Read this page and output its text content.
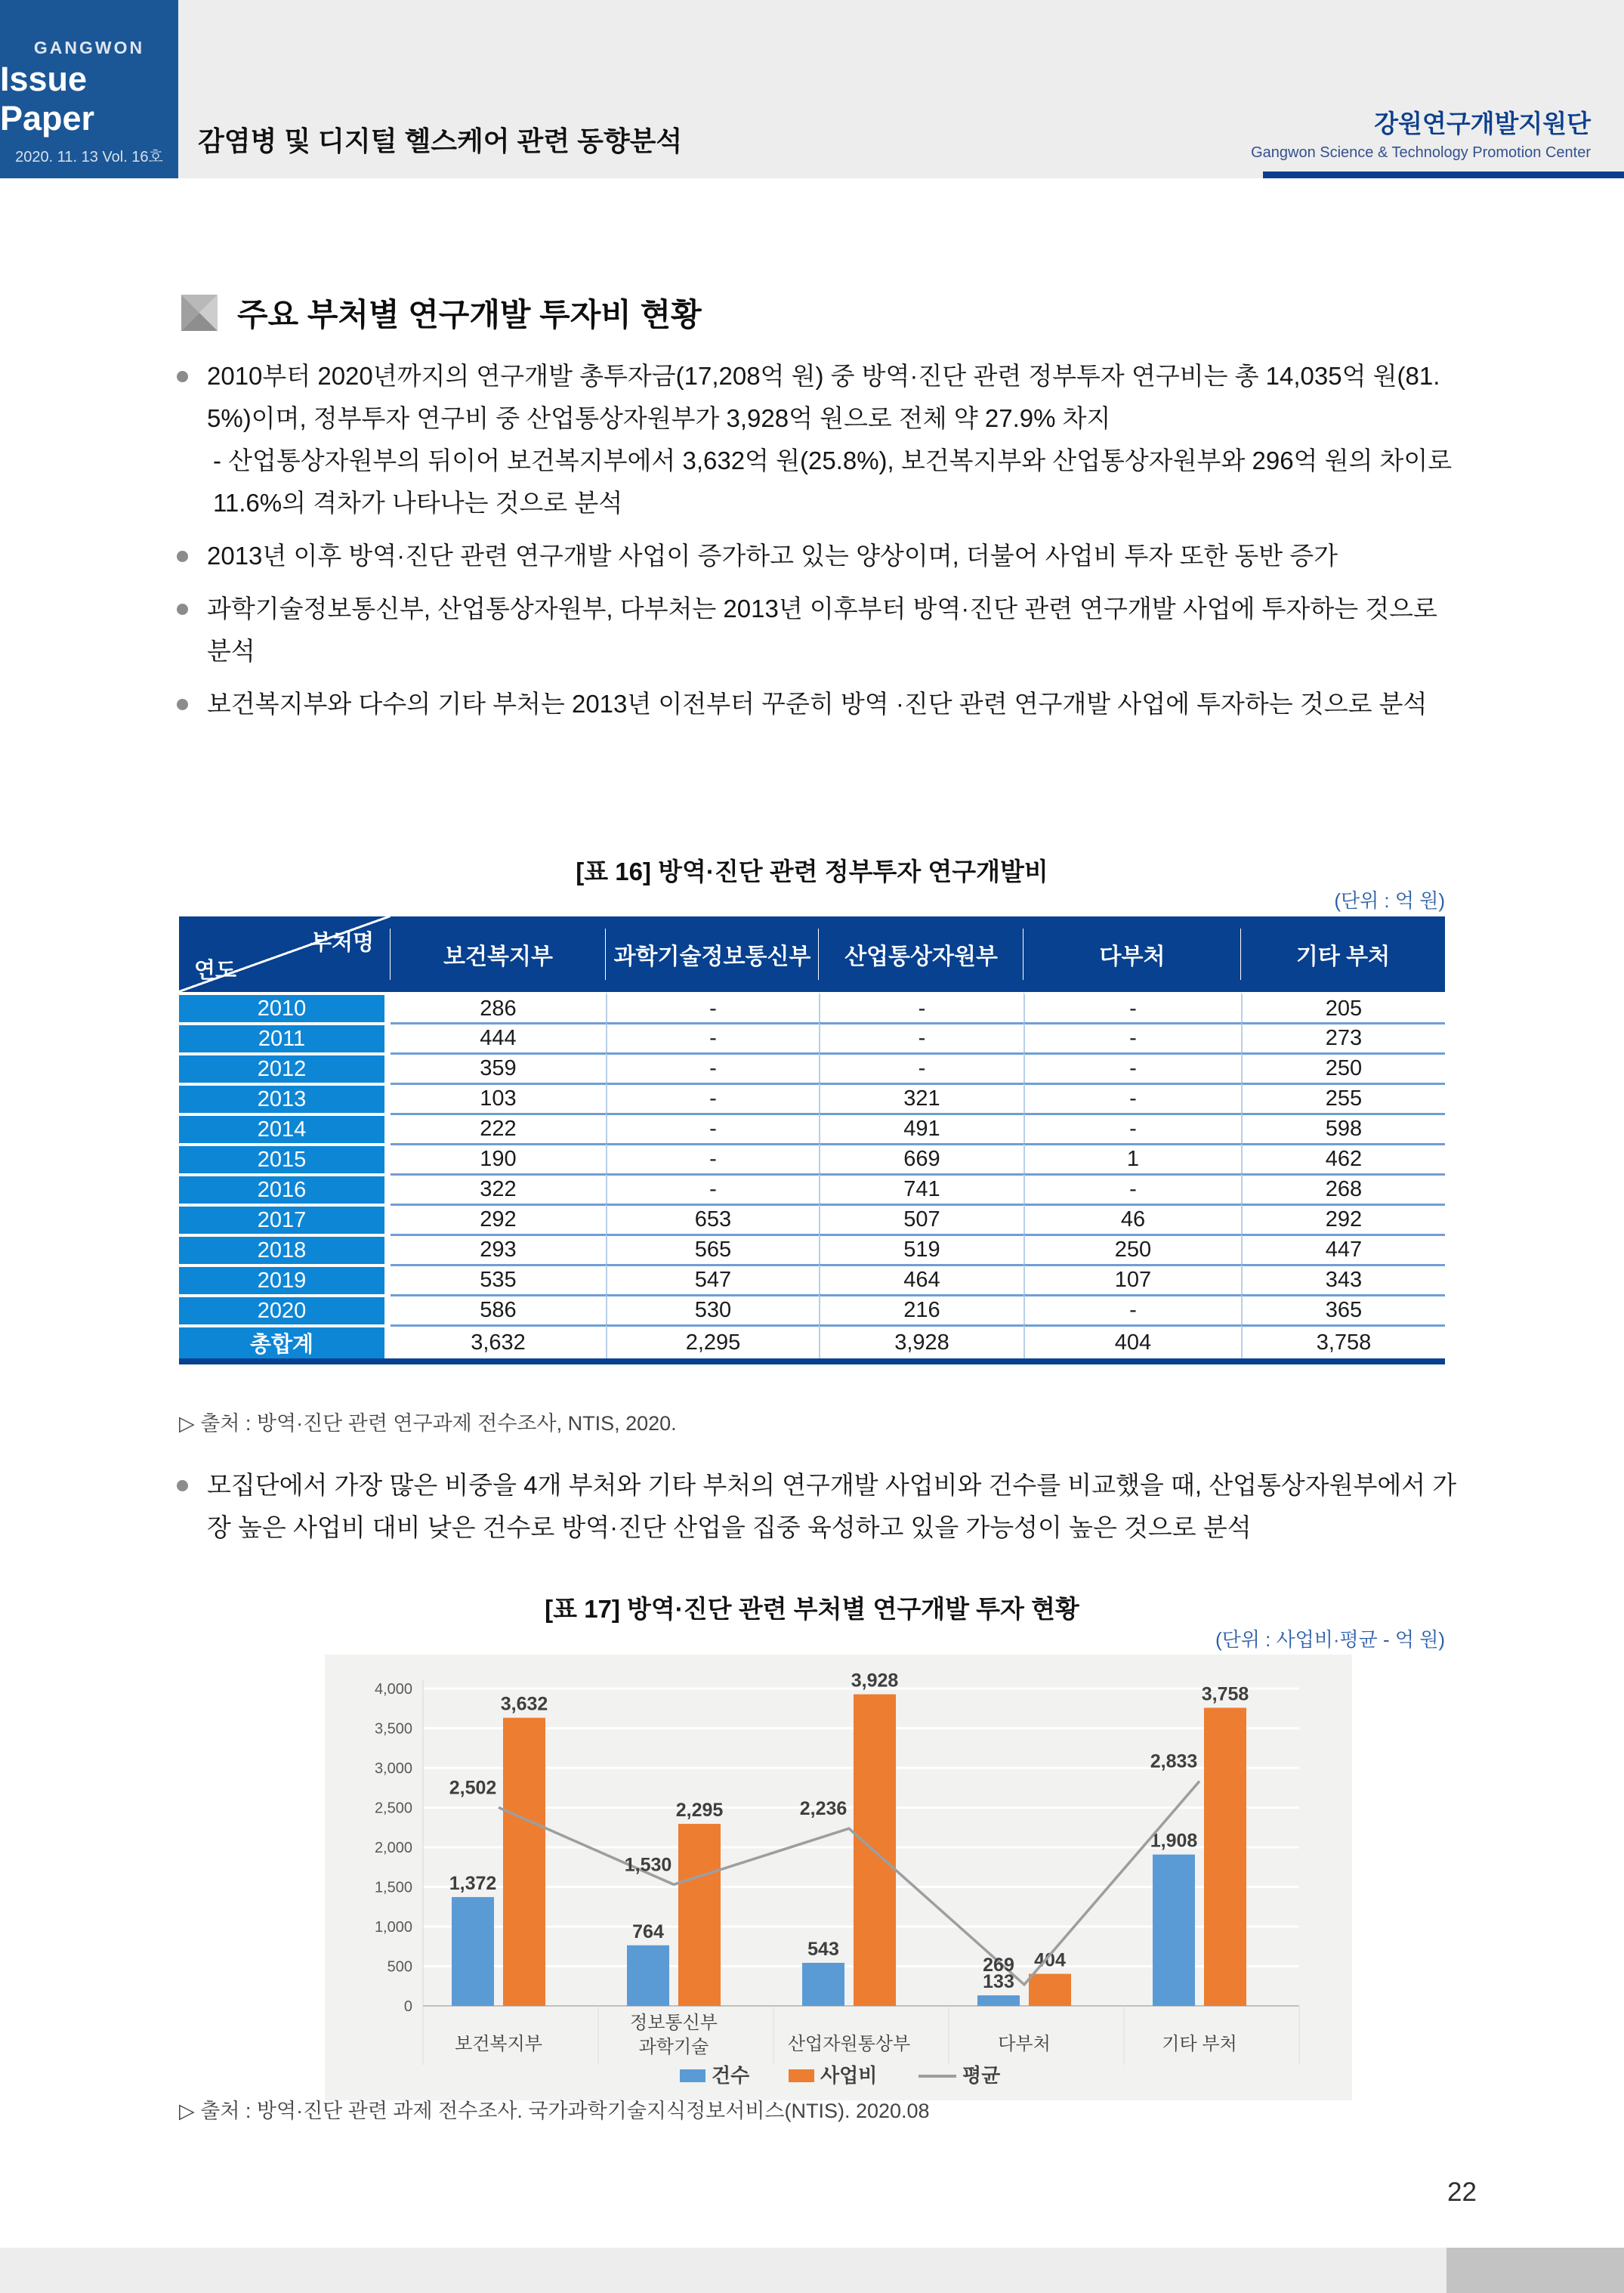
GANGWON
Issue Paper
2020. 11. 13 Vol. 16호
감염병 및 디지털 헬스케어 관련 동향분석
강원연구개발지원단
Gangwon Science & Technology Promotion Center
주요 부처별 연구개발 투자비 현황
2010부터 2020년까지의 연구개발 총투자금(17,208억 원) 중 방역·진단 관련 정부투자 연구비는 총 14,035억 원(81.5%)이며, 정부투자 연구비 중 산업통상자원부가 3,928억 원으로 전체 약 27.9% 차지
- 산업통상자원부의 뒤이어 보건복지부에서 3,632억 원(25.8%), 보건복지부와 산업통상자원부와 296억 원의 차이로 11.6%의 격차가 나타나는 것으로 분석
2013년 이후 방역·진단 관련 연구개발 사업이 증가하고 있는 양상이며, 더불어 사업비 투자 또한 동반 증가
과학기술정보통신부, 산업통상자원부, 다부처는 2013년 이후부터 방역·진단 관련 연구개발 사업에 투자하는 것으로 분석
보건복지부와 다수의 기타 부처는 2013년 이전부터 꾸준히 방역 ·진단 관련 연구개발 사업에 투자하는 것으로 분석
[표 16] 방역·진단 관련 정부투자 연구개발비
(단위 : 억 원)
부처명
연도	보건복지부	과학기술정보통신부	산업통상자원부	다부처	기타 부처
2010	286	-	-	-	205
2011	444	-	-	-	273
2012	359	-	-	-	250
2013	103	-	321	-	255
2014	222	-	491	-	598
2015	190	-	669	1	462
2016	322	-	741	-	268
2017	292	653	507	46	292
2018	293	565	519	250	447
2019	535	547	464	107	343
2020	586	530	216	-	365
총합계	3,632	2,295	3,928	404	3,758
▷ 출처 : 방역·진단 관련 연구과제 전수조사, NTIS, 2020.
모집단에서 가장 많은 비중을 4개 부처와 기타 부처의 연구개발 사업비와 건수를 비교했을 때, 산업통상자원부에서 가장 높은 사업비 대비 낮은 건수로 방역·진단 산업을 집중 육성하고 있을 가능성이 높은 것으로 분석
[표 17] 방역·진단 관련 부처별 연구개발 투자 현황
(단위 : 사업비·평균 - 억 원)
0
500
1,000
1,500
2,000
2,500
3,000
3,500
4,000
1,372
3,632
보건복지부
764
2,295
정보통신부
과학기술
543
3,928
산업자원통상부
133
404
다부처
1,908
3,758
기타 부처
2,502
1,530
2,236
269
2,833
건수	사업비	평균
▷ 출처 : 방역·진단 관련 과제 전수조사. 국가과학기술지식정보서비스(NTIS). 2020.08
22
